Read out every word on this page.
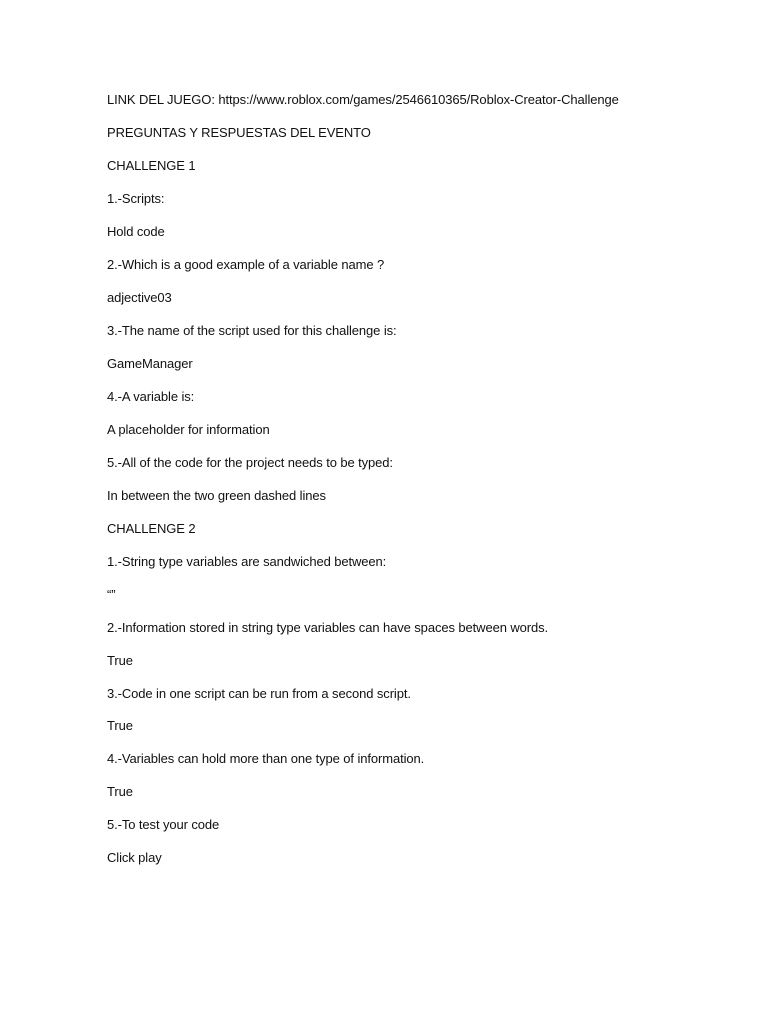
LINK DEL JUEGO: https://www.roblox.com/games/2546610365/Roblox-Creator-Challenge
PREGUNTAS Y RESPUESTAS DEL EVENTO
CHALLENGE 1
1.-Scripts:
Hold code
2.-Which is a good example of a variable name ?
adjective03
3.-The name of the script used for this challenge is:
GameManager
4.-A variable is:
A placeholder for information
5.-All of the code for the project needs to be typed:
In between the two green dashed lines
CHALLENGE 2
1.-String type variables are sandwiched between:
“”
2.-Information stored in string type variables can have spaces between words.
True
3.-Code in one script can be run from a second script.
True
4.-Variables can hold more than one type of information.
True
5.-To test your code
Click play
